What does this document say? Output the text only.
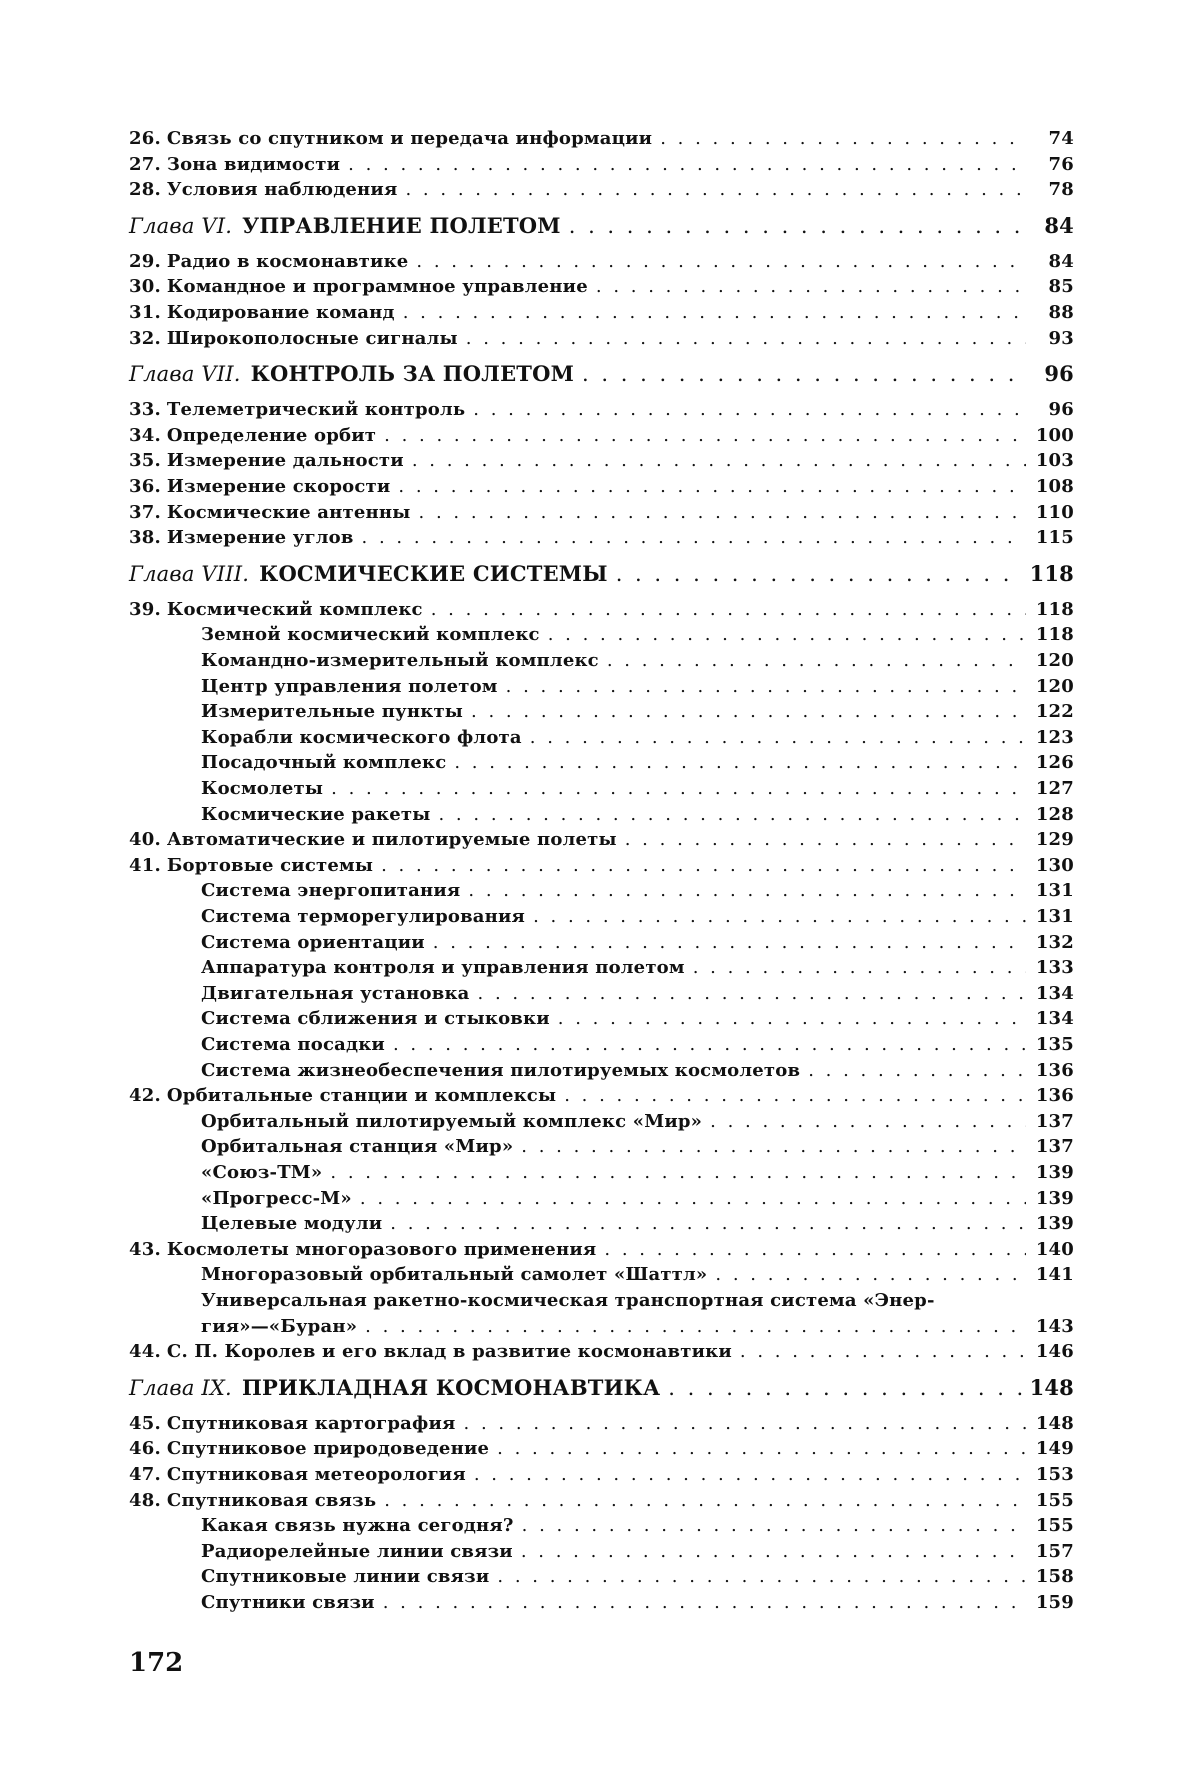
26. Связь со спутником и передача информации . . .	74
27. Зона видимости . . .	76
28. Условия наблюдения . . .	78
Глава VI. УПРАВЛЕНИЕ ПОЛЕТОМ . . .	84
29. Радио в космонавтике . . .	84
30. Командное и программное управление . . .	85
31. Кодирование команд . . .	88
32. Широкополосные сигналы . . .	93
Глава VII. КОНТРОЛЬ ЗА ПОЛЕТОМ . . .	96
33. Телеметрический контроль . . .	96
34. Определение орбит . . .	100
35. Измерение дальности . . .	103
36. Измерение скорости . . .	108
37. Космические антенны . . .	110
38. Измерение углов . . .	115
Глава VIII. КОСМИЧЕСКИЕ СИСТЕМЫ . . .	118
39. Космический комплекс . . .	118
Земной космический комплекс . . .	118
Командно-измерительный комплекс . . .	120
Центр управления полетом . . .	120
Измерительные пункты . . .	122
Корабли космического флота . . .	123
Посадочный комплекс . . .	126
Космолеты . . .	127
Космические ракеты . . .	128
40. Автоматические и пилотируемые полеты . . .	129
41. Бортовые системы . . .	130
Система энергопитания . . .	131
Система терморегулирования . . .	131
Система ориентации . . .	132
Аппаратура контроля и управления полетом . . .	133
Двигательная установка . . .	134
Система сближения и стыковки . . .	134
Система посадки . . .	135
Система жизнеобеспечения пилотируемых космолетов . . .	136
42. Орбитальные станции и комплексы . . .	136
Орбитальный пилотируемый комплекс «Мир» . . .	137
Орбитальная станция «Мир» . . .	137
«Союз-ТМ» . . .	139
«Прогресс-М» . . .	139
Целевые модули . . .	139
43. Космолеты многоразового применения . . .	140
Многоразовый орбитальный самолет «Шаттл» . . .	141
Универсальная ракетно-космическая транспортная система «Энер-
гия»—«Буран» . . .	143
44. С. П. Королев и его вклад в развитие космонавтики . . .	146
Глава IX. ПРИКЛАДНАЯ КОСМОНАВТИКА . . .	148
45. Спутниковая картография . . .	148
46. Спутниковое природоведение . . .	149
47. Спутниковая метеорология . . .	153
48. Спутниковая связь . . .	155
Какая связь нужна сегодня? . . .	155
Радиорелейные линии связи . . .	157
Спутниковые линии связи . . .	158
Спутники связи . . .	159
172
